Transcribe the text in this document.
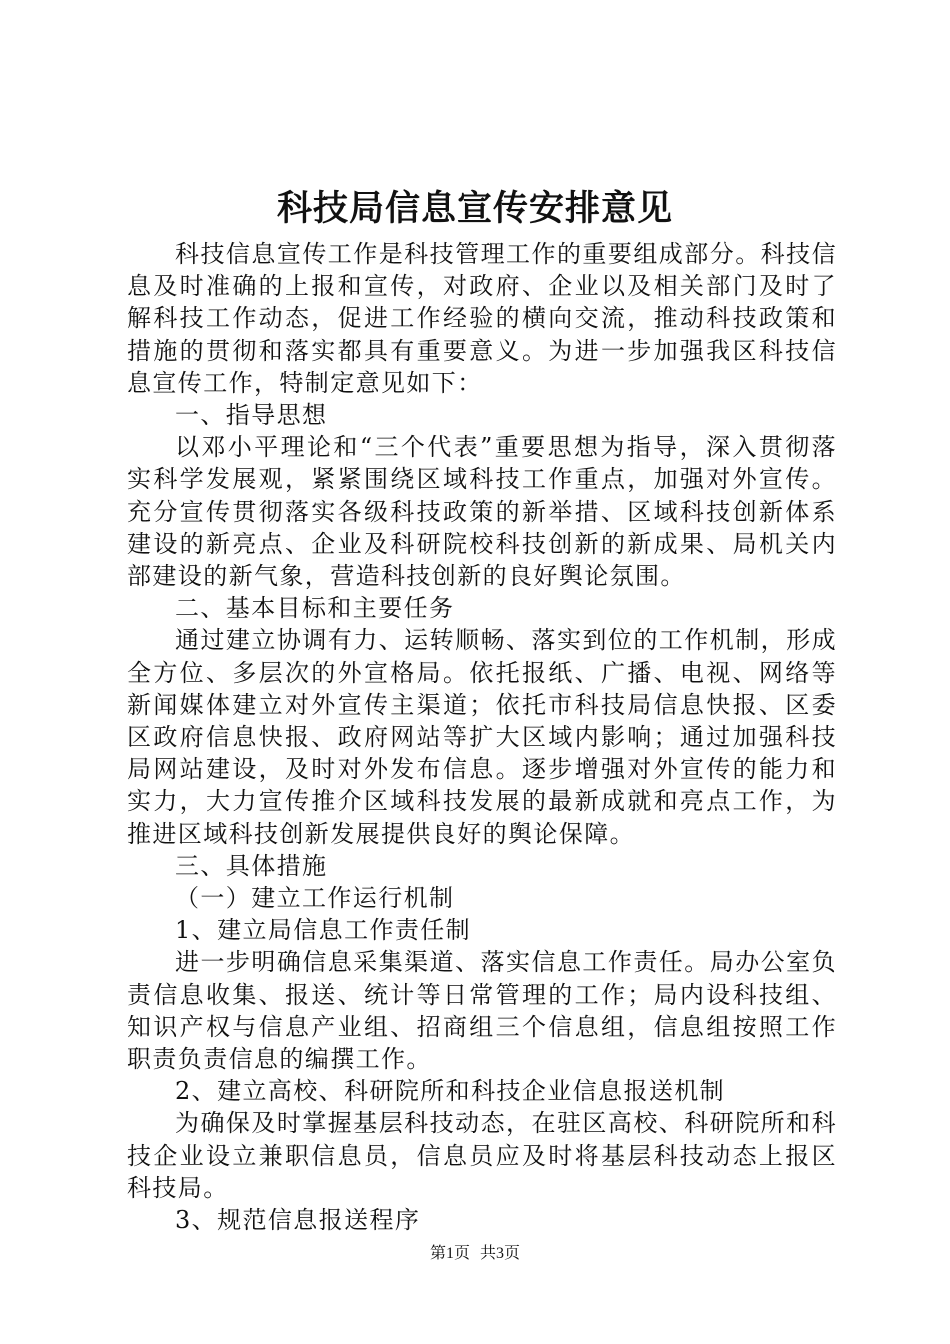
科技局信息宣传安排意见

科技信息宣传工作是科技管理工作的重要组成部分。科技信息及时准确的上报和宣传，对政府、企业以及相关部门及时了解科技工作动态，促进工作经验的横向交流，推动科技政策和措施的贯彻和落实都具有重要意义。为进一步加强我区科技信息宣传工作，特制定意见如下：

一、指导思想

以邓小平理论和“三个代表”重要思想为指导，深入贯彻落实科学发展观，紧紧围绕区域科技工作重点，加强对外宣传。充分宣传贯彻落实各级科技政策的新举措、区域科技创新体系建设的新亮点、企业及科研院校科技创新的新成果、局机关内部建设的新气象，营造科技创新的良好舆论氛围。

二、基本目标和主要任务

通过建立协调有力、运转顺畅、落实到位的工作机制，形成全方位、多层次的外宣格局。依托报纸、广播、电视、网络等新闻媒体建立对外宣传主渠道；依托市科技局信息快报、区委区政府信息快报、政府网站等扩大区域内影响；通过加强科技局网站建设，及时对外发布信息。逐步增强对外宣传的能力和实力，大力宣传推介区域科技发展的最新成就和亮点工作，为推进区域科技创新发展提供良好的舆论保障。

三、具体措施

（一）建立工作运行机制

1、建立局信息工作责任制

进一步明确信息采集渠道、落实信息工作责任。局办公室负责信息收集、报送、统计等日常管理的工作；局内设科技组、知识产权与信息产业组、招商组三个信息组，信息组按照工作职责负责信息的编撰工作。

2、建立高校、科研院所和科技企业信息报送机制

为确保及时掌握基层科技动态，在驻区高校、科研院所和科技企业设立兼职信息员，信息员应及时将基层科技动态上报区科技局。

3、规范信息报送程序

第1页 共3页
